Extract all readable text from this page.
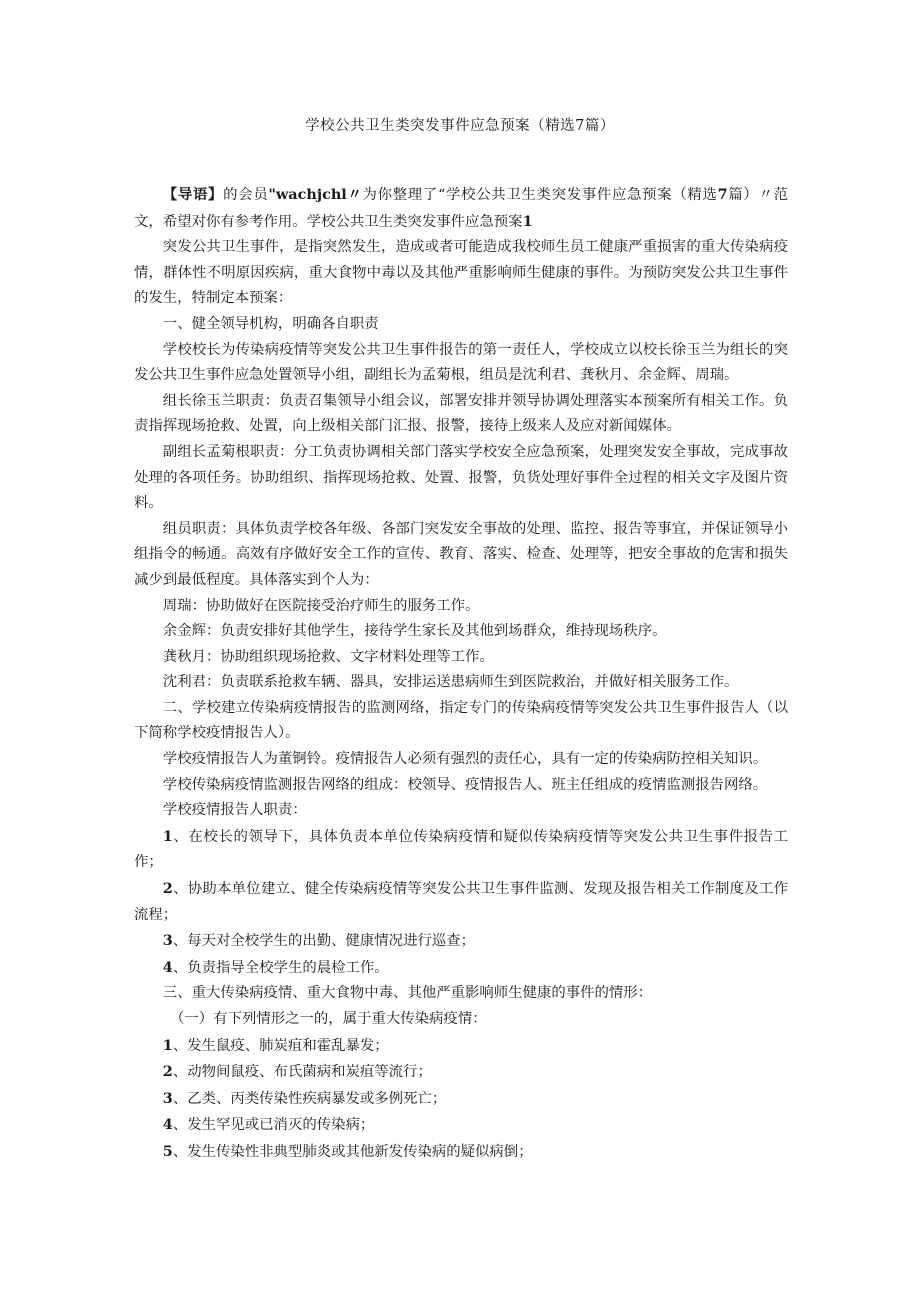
学校公共卫生类突发事件应急预案（精选7篇）

【导语】的会员"wachjchl〃为你整理了“学校公共卫生类突发事件应急预案（精选7篇）〃范文，希望对你有参考作用。学校公共卫生类突发事件应急预案1

突发公共卫生事件，是指突然发生，造成或者可能造成我校师生员工健康严重损害的重大传染病疫情，群体性不明原因疾病，重大食物中毒以及其他严重影响师生健康的事件。为预防突发公共卫生事件的发生，特制定本预案：

一、健全领导机构，明确各自职责

学校校长为传染病疫情等突发公共卫生事件报告的第一责任人，学校成立以校长徐玉兰为组长的突发公共卫生事件应急处置领导小组，副组长为孟菊根，组员是沈利君、龚秋月、余金辉、周瑞。

组长徐玉兰职责：负责召集领导小组会议，部署安排并领导协调处理落实本预案所有相关工作。负责指挥现场抢救、处置，向上级相关部门汇报、报警，接待上级来人及应对新闻媒体。

副组长孟菊根职责：分工负责协调相关部门落实学校安全应急预案，处理突发安全事故，完成事故处理的各项任务。协助组织、指挥现场抢救、处置、报警，负货处理好事件全过程的相关文字及图片资料。

组员职责：具体负责学校各年级、各部门突发安全事故的处理、监控、报告等事宜，并保证领导小组指令的畅通。高效有序做好安全工作的宣传、教育、落实、检查、处理等，把安全事故的危害和损失减少到最低程度。具体落实到个人为：

周瑞：协助做好在医院接受治疗师生的服务工作。

余金辉：负责安排好其他学生，接待学生家长及其他到场群众，维持现场秩序。

龚秋月：协助组织现场抢救、文字材料处理等工作。

沈利君：负责联系抢救车辆、器具，安排运送患病师生到医院救治，并做好相关服务工作。

二、学校建立传染病疫情报告的监测网络，指定专门的传染病疫情等突发公共卫生事件报告人（以下简称学校疫情报告人）。

学校疫情报告人为董锕铃。疫情报告人必须有强烈的责任心，具有一定的传染病防控相关知识。

学校传染病疫情监测报告网络的组成：校领导、疫情报告人、班主任组成的疫情监测报告网络。

学校疫情报告人职责：

1、在校长的领导下，具体负责本单位传染病疫情和疑似传染病疫情等突发公共卫生事件报告工作；

2、协助本单位建立、健全传染病疫情等突发公共卫生事件监测、发现及报告相关工作制度及工作流程；

3、每天对全校学生的出勤、健康情况进行巡查；

4、负责指导全校学生的晨检工作。

三、重大传染病疫情、重大食物中毒、其他严重影响师生健康的事件的情形：

（一）有下列情形之一的，属于重大传染病疫情：

1、发生鼠疫、肺炭疽和霍乱暴发；

2、动物间鼠疫、布氏菌病和炭疽等流行；

3、乙类、丙类传染性疾病暴发或多例死亡；

4、发生罕见或已消灭的传染病；

5、发生传染性非典型肺炎或其他新发传染病的疑似病倒；
